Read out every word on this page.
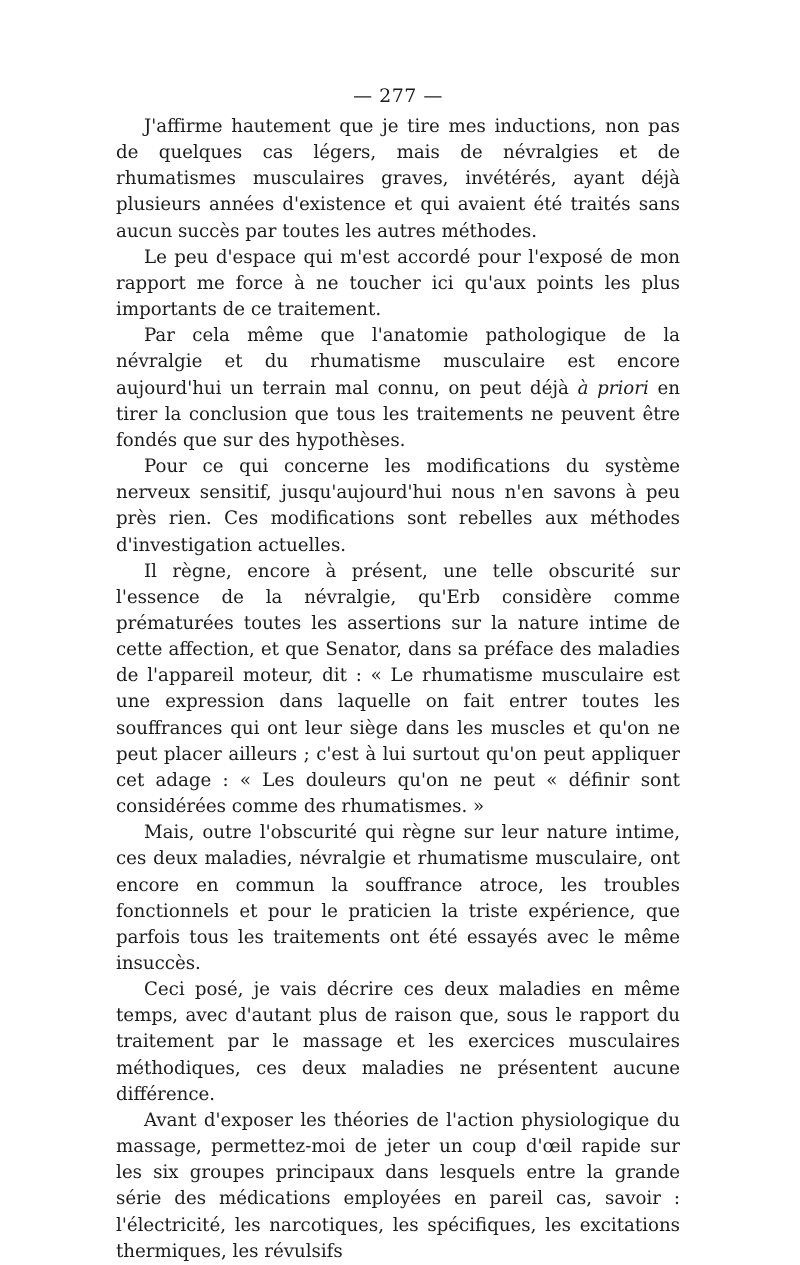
— 277 —

J'affirme hautement que je tire mes inductions, non pas de quelques cas légers, mais de névralgies et de rhumatismes musculaires graves, invétérés, ayant déjà plusieurs années d'existence et qui avaient été traités sans aucun succès par toutes les autres méthodes.

Le peu d'espace qui m'est accordé pour l'exposé de mon rapport me force à ne toucher ici qu'aux points les plus importants de ce traitement.

Par cela même que l'anatomie pathologique de la névralgie et du rhumatisme musculaire est encore aujourd'hui un terrain mal connu, on peut déjà à priori en tirer la conclusion que tous les traitements ne peuvent être fondés que sur des hypothèses.

Pour ce qui concerne les modifications du système nerveux sensitif, jusqu'aujourd'hui nous n'en savons à peu près rien. Ces modifications sont rebelles aux méthodes d'investigation actuelles.

Il règne, encore à présent, une telle obscurité sur l'essence de la névralgie, qu'Erb considère comme prématurées toutes les assertions sur la nature intime de cette affection, et que Senator, dans sa préface des maladies de l'appareil moteur, dit : « Le rhumatisme musculaire est une expression dans laquelle on fait entrer toutes les souffrances qui ont leur siège dans les muscles et qu'on ne peut placer ailleurs ; c'est à lui surtout qu'on peut appliquer cet adage : « Les douleurs qu'on ne peut « définir sont considérées comme des rhumatismes. »

Mais, outre l'obscurité qui règne sur leur nature intime, ces deux maladies, névralgie et rhumatisme musculaire, ont encore en commun la souffrance atroce, les troubles fonctionnels et pour le praticien la triste expérience, que parfois tous les traitements ont été essayés avec le même insuccès.

Ceci posé, je vais décrire ces deux maladies en même temps, avec d'autant plus de raison que, sous le rapport du traitement par le massage et les exercices musculaires méthodiques, ces deux maladies ne présentent aucune différence.

Avant d'exposer les théories de l'action physiologique du massage, permettez-moi de jeter un coup d'œil rapide sur les six groupes principaux dans lesquels entre la grande série des médications employées en pareil cas, savoir : l'électricité, les narcotiques, les spécifiques, les excitations thermiques, les révulsifs
